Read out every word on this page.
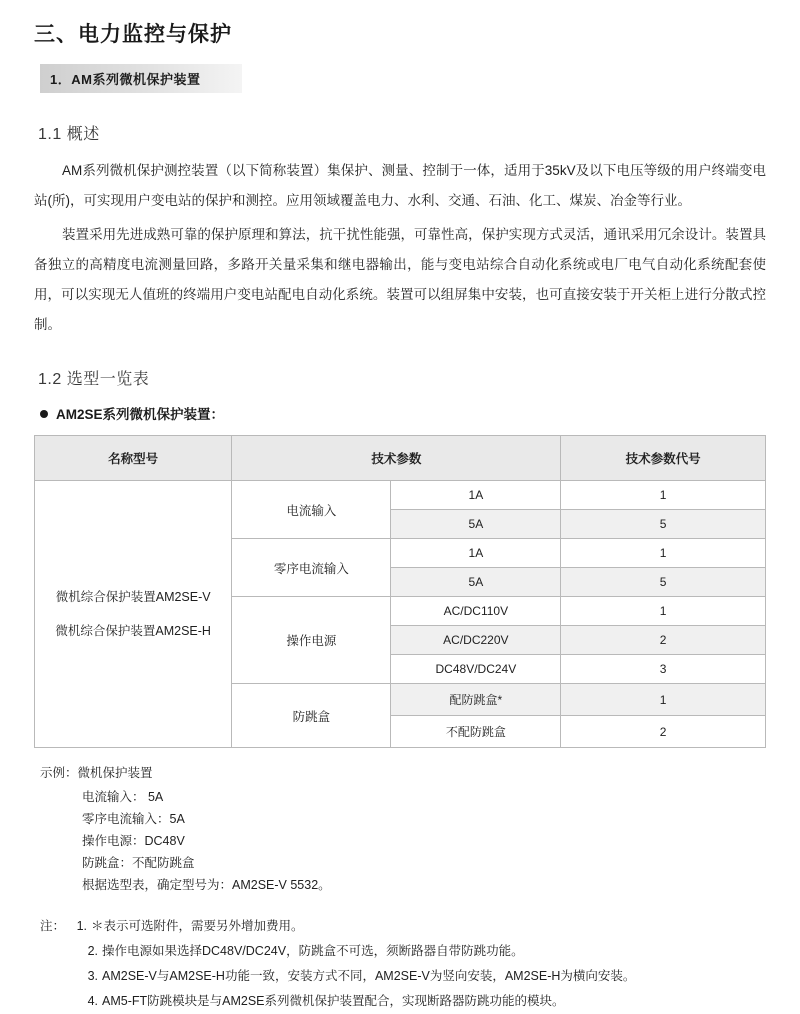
三、电力监控与保护
1．AM系列微机保护装置
1.1 概述

AM系列微机保护测控装置（以下简称装置）集保护、测量、控制于一体，适用于35kV及以下电压等级的用户终端变电站(所)，可实现用户变电站的保护和测控。应用领域覆盖电力、水利、交通、石油、化工、煤炭、冶金等行业。

装置采用先进成熟可靠的保护原理和算法，抗干扰性能强，可靠性高，保护实现方式灵活，通讯采用冗余设计。装置具备独立的高精度电流测量回路，多路开关量采集和继电器输出，能与变电站综合自动化系统或电厂电气自动化系统配套使用，可以实现无人值班的终端用户变电站配电自动化系统。装置可以组屏集中安装，也可直接安装于开关柜上进行分散式控制。

1.2 选型一览表
AM2SE系列微机保护装置：
名称型号	技术参数		技术参数代号

微机综合保护装置AM2SE-V
微机综合保护装置AM2SE-H	电流输入	1A	1
		5A	5
	零序电流输入	1A	1
		5A	5
	操作电源	AC/DC110V	1
		AC/DC220V	2
		DC48V/DC24V	3
	防跳盒	配防跳盒*	1
		不配防跳盒	2
示例：微机保护装置
电流输入： 5A
零序电流输入：5A
操作电源：DC48V
防跳盒：不配防跳盒
根据选型表，确定型号为：AM2SE-V 5532。
注： 1. ＊表示可选附件，需要另外增加费用。
2. 操作电源如果选择DC48V/DC24V，防跳盒不可选，须断路器自带防跳功能。
3. AM2SE-V与AM2SE-H功能一致，安装方式不同，AM2SE-V为竖向安装，AM2SE-H为横向安装。
4. AM5-FT防跳模块是与AM2SE系列微机保护装置配合，实现断路器防跳功能的模块。
